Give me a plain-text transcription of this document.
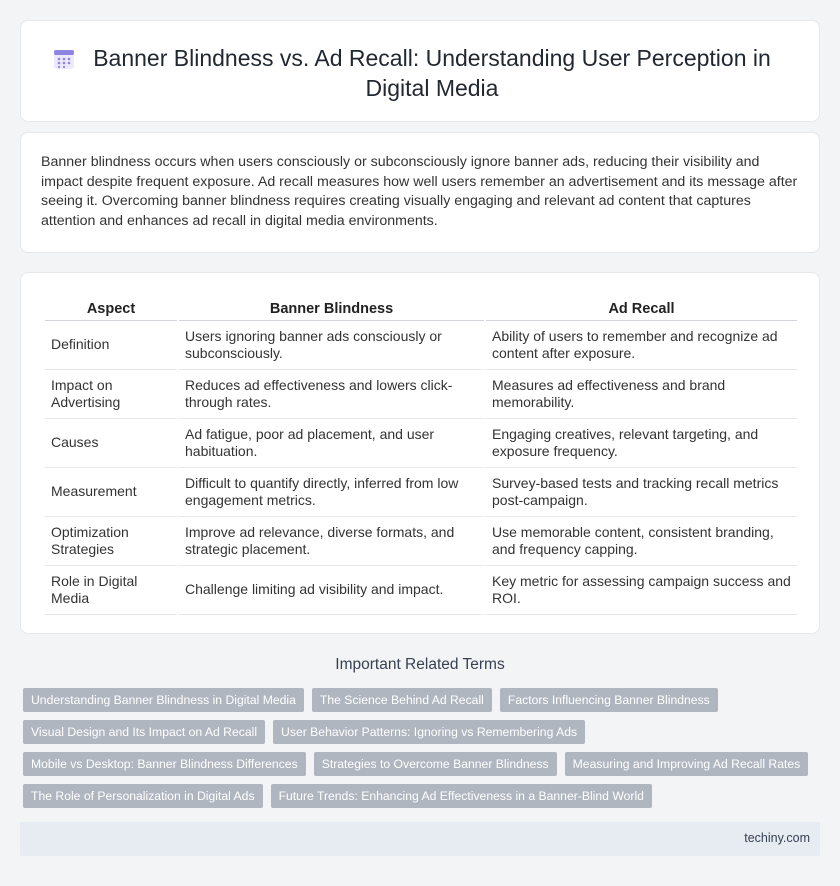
Banner Blindness vs. Ad Recall: Understanding User Perception in Digital Media

Banner blindness occurs when users consciously or subconsciously ignore banner ads, reducing their visibility and impact despite frequent exposure. Ad recall measures how well users remember an advertisement and its message after seeing it. Overcoming banner blindness requires creating visually engaging and relevant ad content that captures attention and enhances ad recall in digital media environments.

Aspect	Banner Blindness	Ad Recall
Definition	Users ignoring banner ads consciously or subconsciously.	Ability of users to remember and recognize ad content after exposure.
Impact on Advertising	Reduces ad effectiveness and lowers click-through rates.	Measures ad effectiveness and brand memorability.
Causes	Ad fatigue, poor ad placement, and user habituation.	Engaging creatives, relevant targeting, and exposure frequency.
Measurement	Difficult to quantify directly, inferred from low engagement metrics.	Survey-based tests and tracking recall metrics post-campaign.
Optimization Strategies	Improve ad relevance, diverse formats, and strategic placement.	Use memorable content, consistent branding, and frequency capping.
Role in Digital Media	Challenge limiting ad visibility and impact.	Key metric for assessing campaign success and ROI.
Important Related Terms
Understanding Banner Blindness in Digital Media	The Science Behind Ad Recall	Factors Influencing Banner Blindness
Visual Design and Its Impact on Ad Recall	User Behavior Patterns: Ignoring vs Remembering Ads
Mobile vs Desktop: Banner Blindness Differences	Strategies to Overcome Banner Blindness	Measuring and Improving Ad Recall Rates
The Role of Personalization in Digital Ads	Future Trends: Enhancing Ad Effectiveness in a Banner-Blind World
techiny.com
